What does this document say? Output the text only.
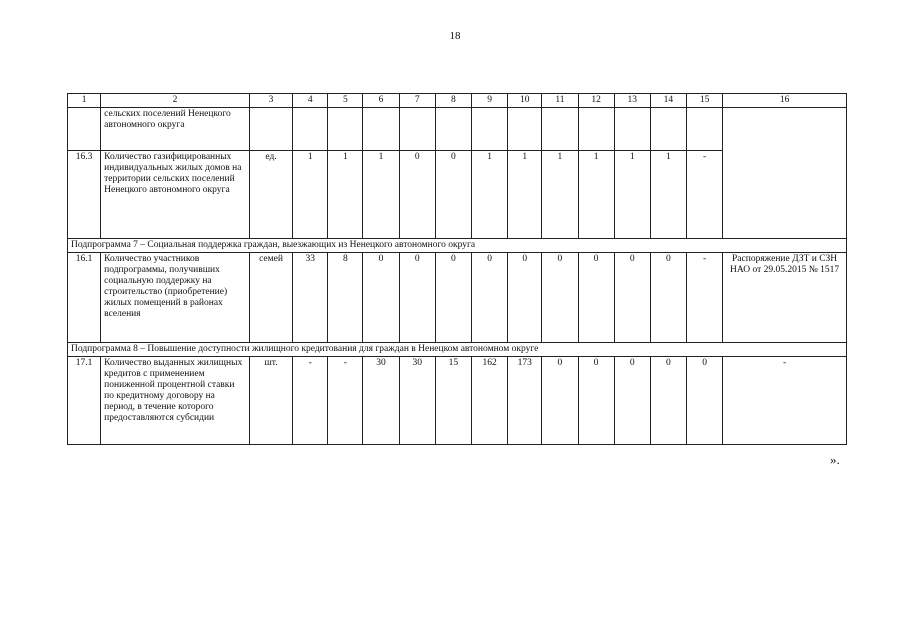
18
1	2	3	4	5	6	7	8	9	10	11	12	13	14	15	16
	сельских поселений Ненецкого автономного округа														
16.3	Количество газифицированных индивидуальных жилых домов на территории сельских поселений Ненецкого автономного округа	ед.	1	1	1	0	0	1	1	1	1	1	1	-	
Подпрограмма 7 – Социальная поддержка граждан, выезжающих из Ненецкого автономного округа															
16.1	Количество участников подпрограммы, получивших социальную поддержку на строительство (приобретение) жилых помещений в районах вселения	семей	33	8	0	0	0	0	0	0	0	0	0	-	Распоряжение ДЗТ и СЗН НАО от 29.05.2015 № 1517
Подпрограмма 8 – Повышение доступности жилищного кредитования для граждан в Ненецком автономном округе															
17.1	Количество выданных жилищных кредитов с применением пониженной процентной ставки по кредитному договору на период, в течение которого предоставляются субсидии	шт.	-	-	30	30	15	162	173	0	0	0	0	0	-
».
